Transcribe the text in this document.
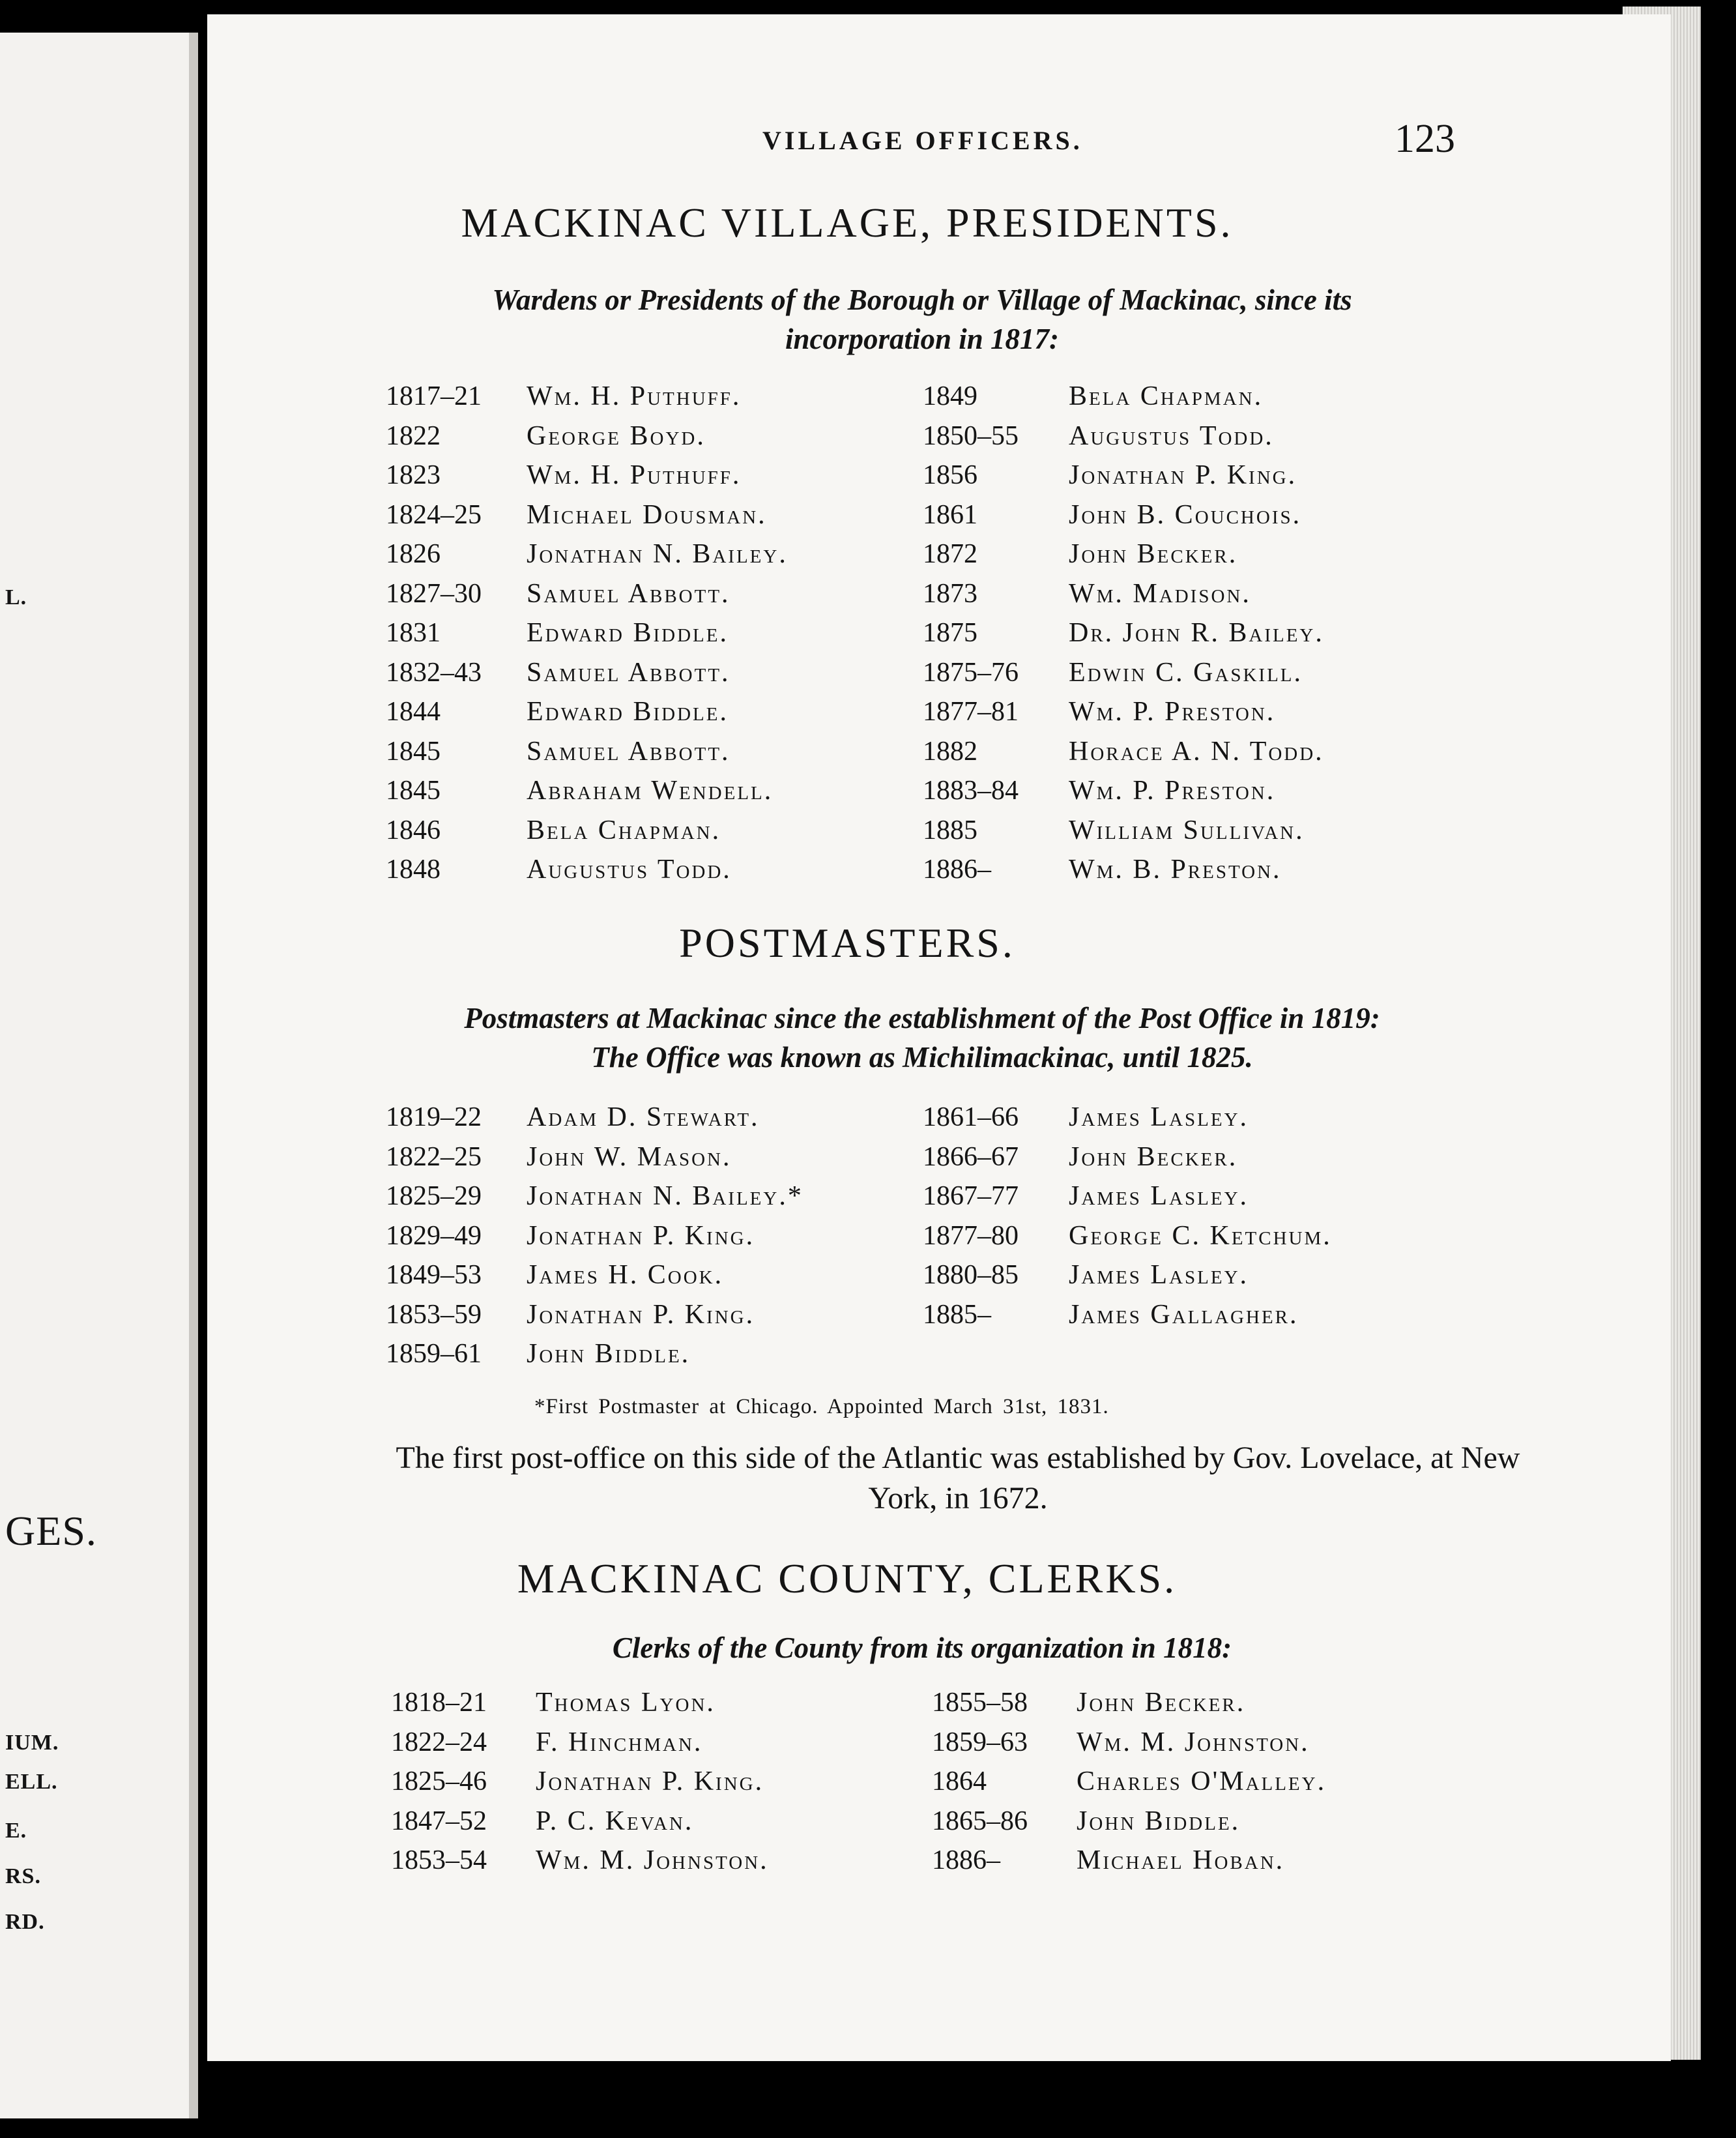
L.
GES.
IUM.
ELL.
E.
RS.
RD.
VILLAGE OFFICERS.	123
MACKINAC VILLAGE, PRESIDENTS.
Wardens or Presidents of the Borough or Village of Mackinac, since its
incorporation in 1817:
1817–21 Wm. H. Puthuff.
1822	George Boyd.
1823	Wm. H. Puthuff.
1824–25 Michael Dousman.
1826	Jonathan N. Bailey.
1827–30 Samuel Abbott.
1831	Edward Biddle.
1832–43 Samuel Abbott.
1844	Edward Biddle.
1845	Samuel Abbott.
1845	Abraham Wendell.
1846	Bela Chapman.
1848	Augustus Todd.
1849	Bela Chapman.
1850–55 Augustus Todd.
1856	Jonathan P. King.
1861	John B. Couchois.
1872	John Becker.
1873	Wm. Madison.
1875	Dr. John R. Bailey.
1875–76 Edwin C. Gaskill.
1877–81 Wm. P. Preston.
1882	Horace A. N. Todd.
1883–84 Wm. P. Preston.
1885	William Sullivan.
1886–	Wm. B. Preston.
POSTMASTERS.
Postmasters at Mackinac since the establishment of the Post Office in 1819:
The Office was known as Michilimackinac, until 1825.
1819–22 Adam D. Stewart.
1822–25 John W. Mason.
1825–29 Jonathan N. Bailey.*
1829–49 Jonathan P. King.
1849–53 James H. Cook.
1853–59 Jonathan P. King.
1859–61 John Biddle.
1861–66 James Lasley.
1866–67 John Becker.
1867–77 James Lasley.
1877–80 George C. Ketchum.
1880–85 James Lasley.
1885–	James Gallagher.
*First Postmaster at Chicago. Appointed March 31st, 1831.
The first post-office on this side of the Atlantic was established by Gov. Lovelace, at New York, in 1672.
MACKINAC COUNTY, CLERKS.
Clerks of the County from its organization in 1818:
1818–21 Thomas Lyon.
1822–24 F. Hinchman.
1825–46 Jonathan P. King.
1847–52 P. C. Kevan.
1853–54 Wm. M. Johnston.
1855–58 John Becker.
1859–63 Wm. M. Johnston.
1864	Charles O'Malley.
1865–86 John Biddle.
1886–	Michael Hoban.
